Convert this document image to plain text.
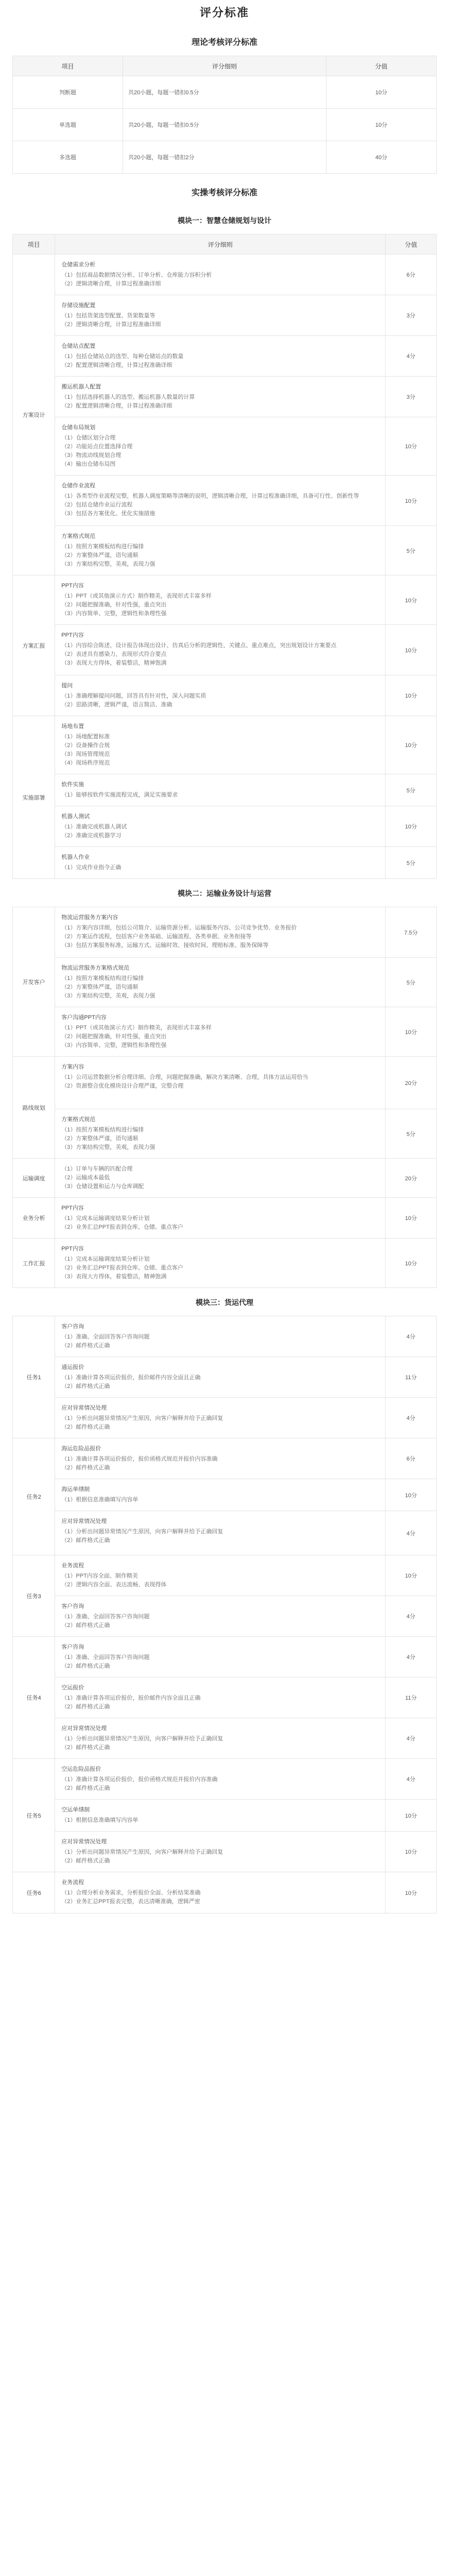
评分标准
理论考核评分标准
项目	评分细则	分值
判断题	共20小题，每题一错扣0.5分	10分
单选题	共20小题，每题一错扣0.5分	10分
多选题	共20小题，每题一错扣2分	40分
实操考核评分标准
模块一：智慧仓储规划与设计
项目	评分细则	分值
方案设计	仓储需求分析
（1）包括商品数据情况分析、订单分析、仓库能力容积分析
（2）逻辑清晰合理，计算过程准确详细	6分

	存储设施配置
（1）包括货架选型配置、货架数量等
（2）逻辑清晰合理，计算过程准确详细	3分

	仓储站点配置
（1）包括仓储站点的选型、每种仓储站点的数量
（2）配置逻辑清晰合理，计算过程准确详细	4分

	搬运机器人配置
（1）包括选择机器人的选型、搬运机器人数量的计算
（2）配置逻辑清晰合理，计算过程准确详细	3分

	仓储布局规划
（1）仓储区划分合理
（2）功能站点位置选择合理
（3）物流动线规划合理
（4）输出仓储布局图	10分

	仓储作业流程
（1）各类型作业流程完整，机器人调度策略等清晰的说明，逻辑清晰合理，计算过程准确详细，具备可行性、创新性等
（2）包括仓储作业运行流程
（3）包括各方案优化、优化实施措施	10分

	方案格式规范
（1）按照方案模板结构进行编排
（2）方案整体严谨，语句通顺
（3）方案结构完整，美观，表现力强	5分
方案汇报	PPT内容
（1）PPT（或其他演示方式）制作精美，表现形式丰富多样
（2）问题把握准确，针对性强，重点突出
（3）内容简单、完整，逻辑性和条理性强	10分

	PPT内容
（1）内容综合陈述，设计报告体现出设计、仿真后分析的逻辑性、关键点、重点难点，突出规划设计方案要点
（2）表述具有感染力，表现形式符合要点
（3）表现大方得体，着装整洁，精神饱满	10分

	提问
（1）准确理解提问问题，回答具有针对性，深入问题实质
（2）思路清晰，逻辑严谨，语言简洁、准确	10分
实施部署	场地布置
（1）场地配置标准
（2）设备操作合规
（3）现场管理规范
（4）现场秩序规范	10分

	软件实施
（1）能够按软件实施流程完成，满足实施要求	5分

	机器人测试
（1）准确完成机器人调试
（2）准确完成机器学习	10分

	机器人作业
（1）完成作业指令正确	5分
模块二：运输业务设计与运营
开发客户	物流运营服务方案内容
（1）方案内容详细，包括公司简介、运输资源分析、运输服务内容、公司竞争优势、业务报价
（2）方案运作流程，包括客户业务基础、运输流程、各类单据、业务衔接等
（3）包括方案服务标准，运输方式、运输时效、接收时间、理赔标准、服务保障等	7.5分

	物流运营服务方案格式规范
（1）按照方案模板结构进行编排
（2）方案整体严谨，语句通顺
（3）方案结构完整，美观，表现力强	5分

	客户沟通PPT内容
（1）PPT（或其他演示方式）制作精美，表现形式丰富多样
（2）问题把握准确，针对性强，重点突出
（3）内容简单、完整，逻辑性和条理性强	10分
路线规划	方案内容
（1）公司运营数据分析合理详细、合理，问题把握准确，解决方案清晰、合理，具体方法运用恰当
（2）资源整合优化模块设计合理严谨，完整合理	20分

	方案格式规范
（1）按照方案模板结构进行编排
（2）方案整体严谨，语句通顺
（3）方案结构完整，美观，表现力强	5分
运输调度	（1）订单与车辆的匹配合理
（2）运输成本最低
（3）仓储设置和运力与仓库调配	20分
业务分析	PPT内容
（1）完成本运输调度结果分析计划
（2）业务汇总PPT报表到仓库、仓储、重点客户	10分
工作汇报	PPT内容
（1）完成本运输调度结果分析计划
（2）业务汇总PPT报表到仓库、仓储、重点客户
（3）表现大方得体，着装整洁，精神饱满	10分
模块三：货运代理
任务1	客户咨询
（1）准确、全面回答客户咨询问题
（2）邮件格式正确	4分

	通运报价
（1）准确计算各项运价报价，报价邮件内容全面且正确
（2）邮件格式正确	11分

	应对异常情况处理
（1）分析出问题异常情况产生原因，向客户解释并给予正确回复
（2）邮件格式正确	4分
任务2	海运危险品报价
（1）准确计算各项运价报价，报价函格式规范并报价内容准确
（2）邮件格式正确	6分

	海运单缮制
（1）根据信息准确填写内容单	10分

	应对异常情况处理
（1）分析出问题异常情况产生原因，向客户解释并给予正确回复
（2）邮件格式正确	4分
任务3	业务流程
（1）PPT内容全面、制作精美
（2）逻辑内容全面、表达流畅、表现得体	10分

	客户咨询
（1）准确、全面回答客户咨询问题
（2）邮件格式正确	4分
任务4	客户咨询
（1）准确、全面回答客户咨询问题
（2）邮件格式正确	4分

	空运报价
（1）准确计算各项运价报价，报价邮件内容全面且正确
（2）邮件格式正确	11分

	应对异常情况处理
（1）分析出问题异常情况产生原因，向客户解释并给予正确回复
（2）邮件格式正确	4分
任务5	空运危险品报价
（1）准确计算各项运价报价，报价函格式规范并报价内容准确
（2）邮件格式正确	4分

	空运单缮制
（1）根据信息准确填写内容单	10分

	应对异常情况处理
（1）分析出问题异常情况产生原因，向客户解释并给予正确回复
（2）邮件格式正确	10分
任务6	业务流程
（1）合理分析业务需求，分析报价全面、分析结果准确
（2）业务汇总PPT报表完整，表达清晰准确，逻辑严密	10分
